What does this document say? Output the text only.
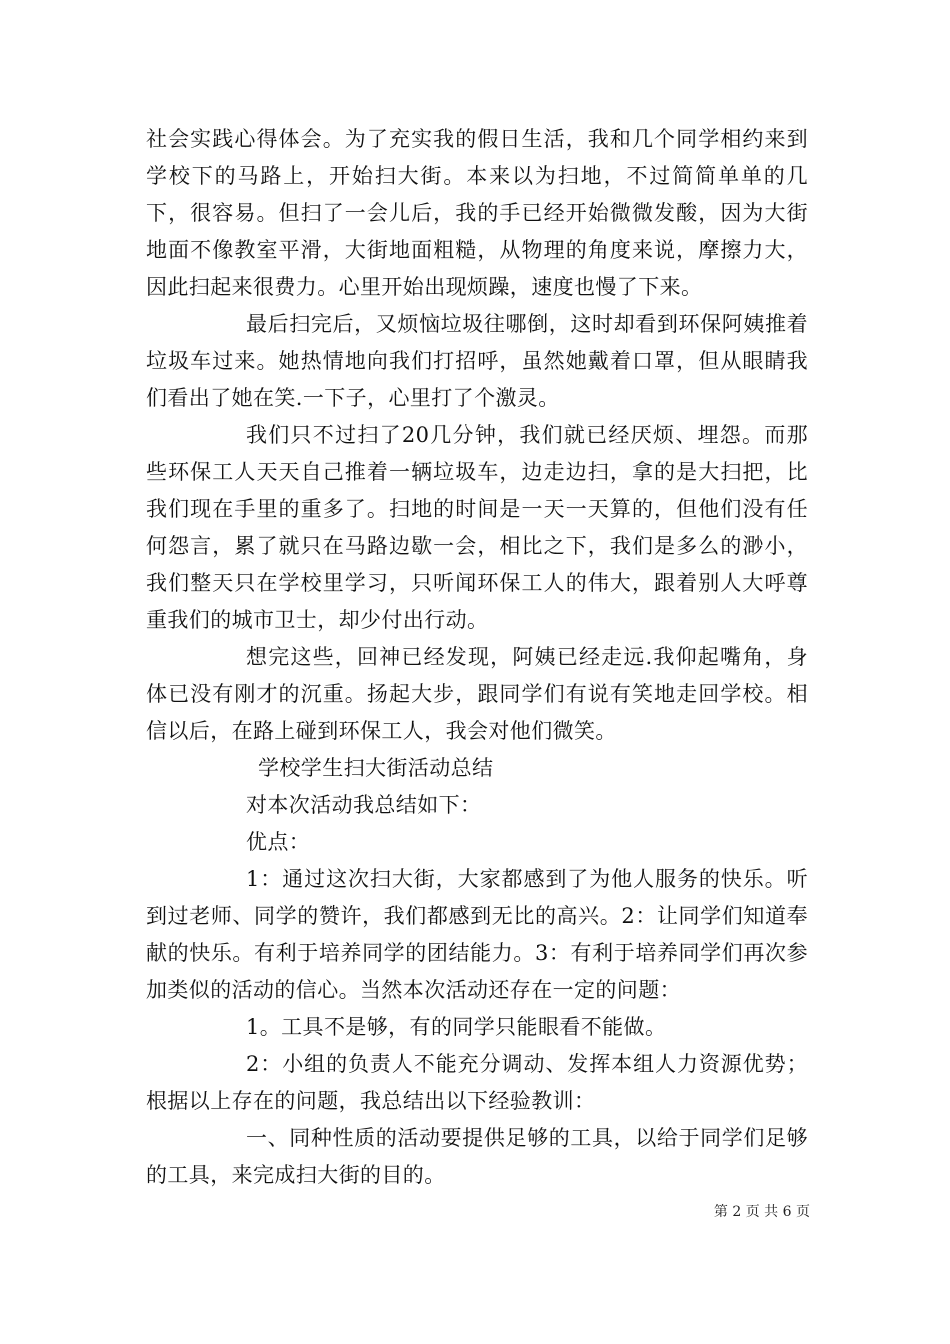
社会实践心得体会。为了充实我的假日生活，我和几个同学相约来到学校下的马路上，开始扫大街。本来以为扫地，不过简简单单的几下，很容易。但扫了一会儿后，我的手已经开始微微发酸，因为大街地面不像教室平滑，大街地面粗糙，从物理的角度来说，摩擦力大，因此扫起来很费力。心里开始出现烦躁，速度也慢了下来。

最后扫完后，又烦恼垃圾往哪倒，这时却看到环保阿姨推着垃圾车过来。她热情地向我们打招呼，虽然她戴着口罩，但从眼睛我们看出了她在笑.一下子，心里打了个激灵。

我们只不过扫了20几分钟，我们就已经厌烦、埋怨。而那些环保工人天天自己推着一辆垃圾车，边走边扫，拿的是大扫把，比我们现在手里的重多了。扫地的时间是一天一天算的，但他们没有任何怨言，累了就只在马路边歇一会，相比之下，我们是多么的渺小，我们整天只在学校里学习，只听闻环保工人的伟大，跟着别人大呼尊重我们的城市卫士，却少付出行动。

想完这些，回神已经发现，阿姨已经走远.我仰起嘴角，身体已没有刚才的沉重。扬起大步，跟同学们有说有笑地走回学校。相信以后，在路上碰到环保工人，我会对他们微笑。

学校学生扫大街活动总结

对本次活动我总结如下：

优点：

1：通过这次扫大街，大家都感到了为他人服务的快乐。听到过老师、同学的赞许，我们都感到无比的高兴。2：让同学们知道奉献的快乐。有利于培养同学的团结能力。3：有利于培养同学们再次参加类似的活动的信心。当然本次活动还存在一定的问题：

1。工具不是够，有的同学只能眼看不能做。

2：小组的负责人不能充分调动、发挥本组人力资源优势；根据以上存在的问题，我总结出以下经验教训：

一、同种性质的活动要提供足够的工具，以给于同学们足够的工具，来完成扫大街的目的。

第 2 页 共 6 页
